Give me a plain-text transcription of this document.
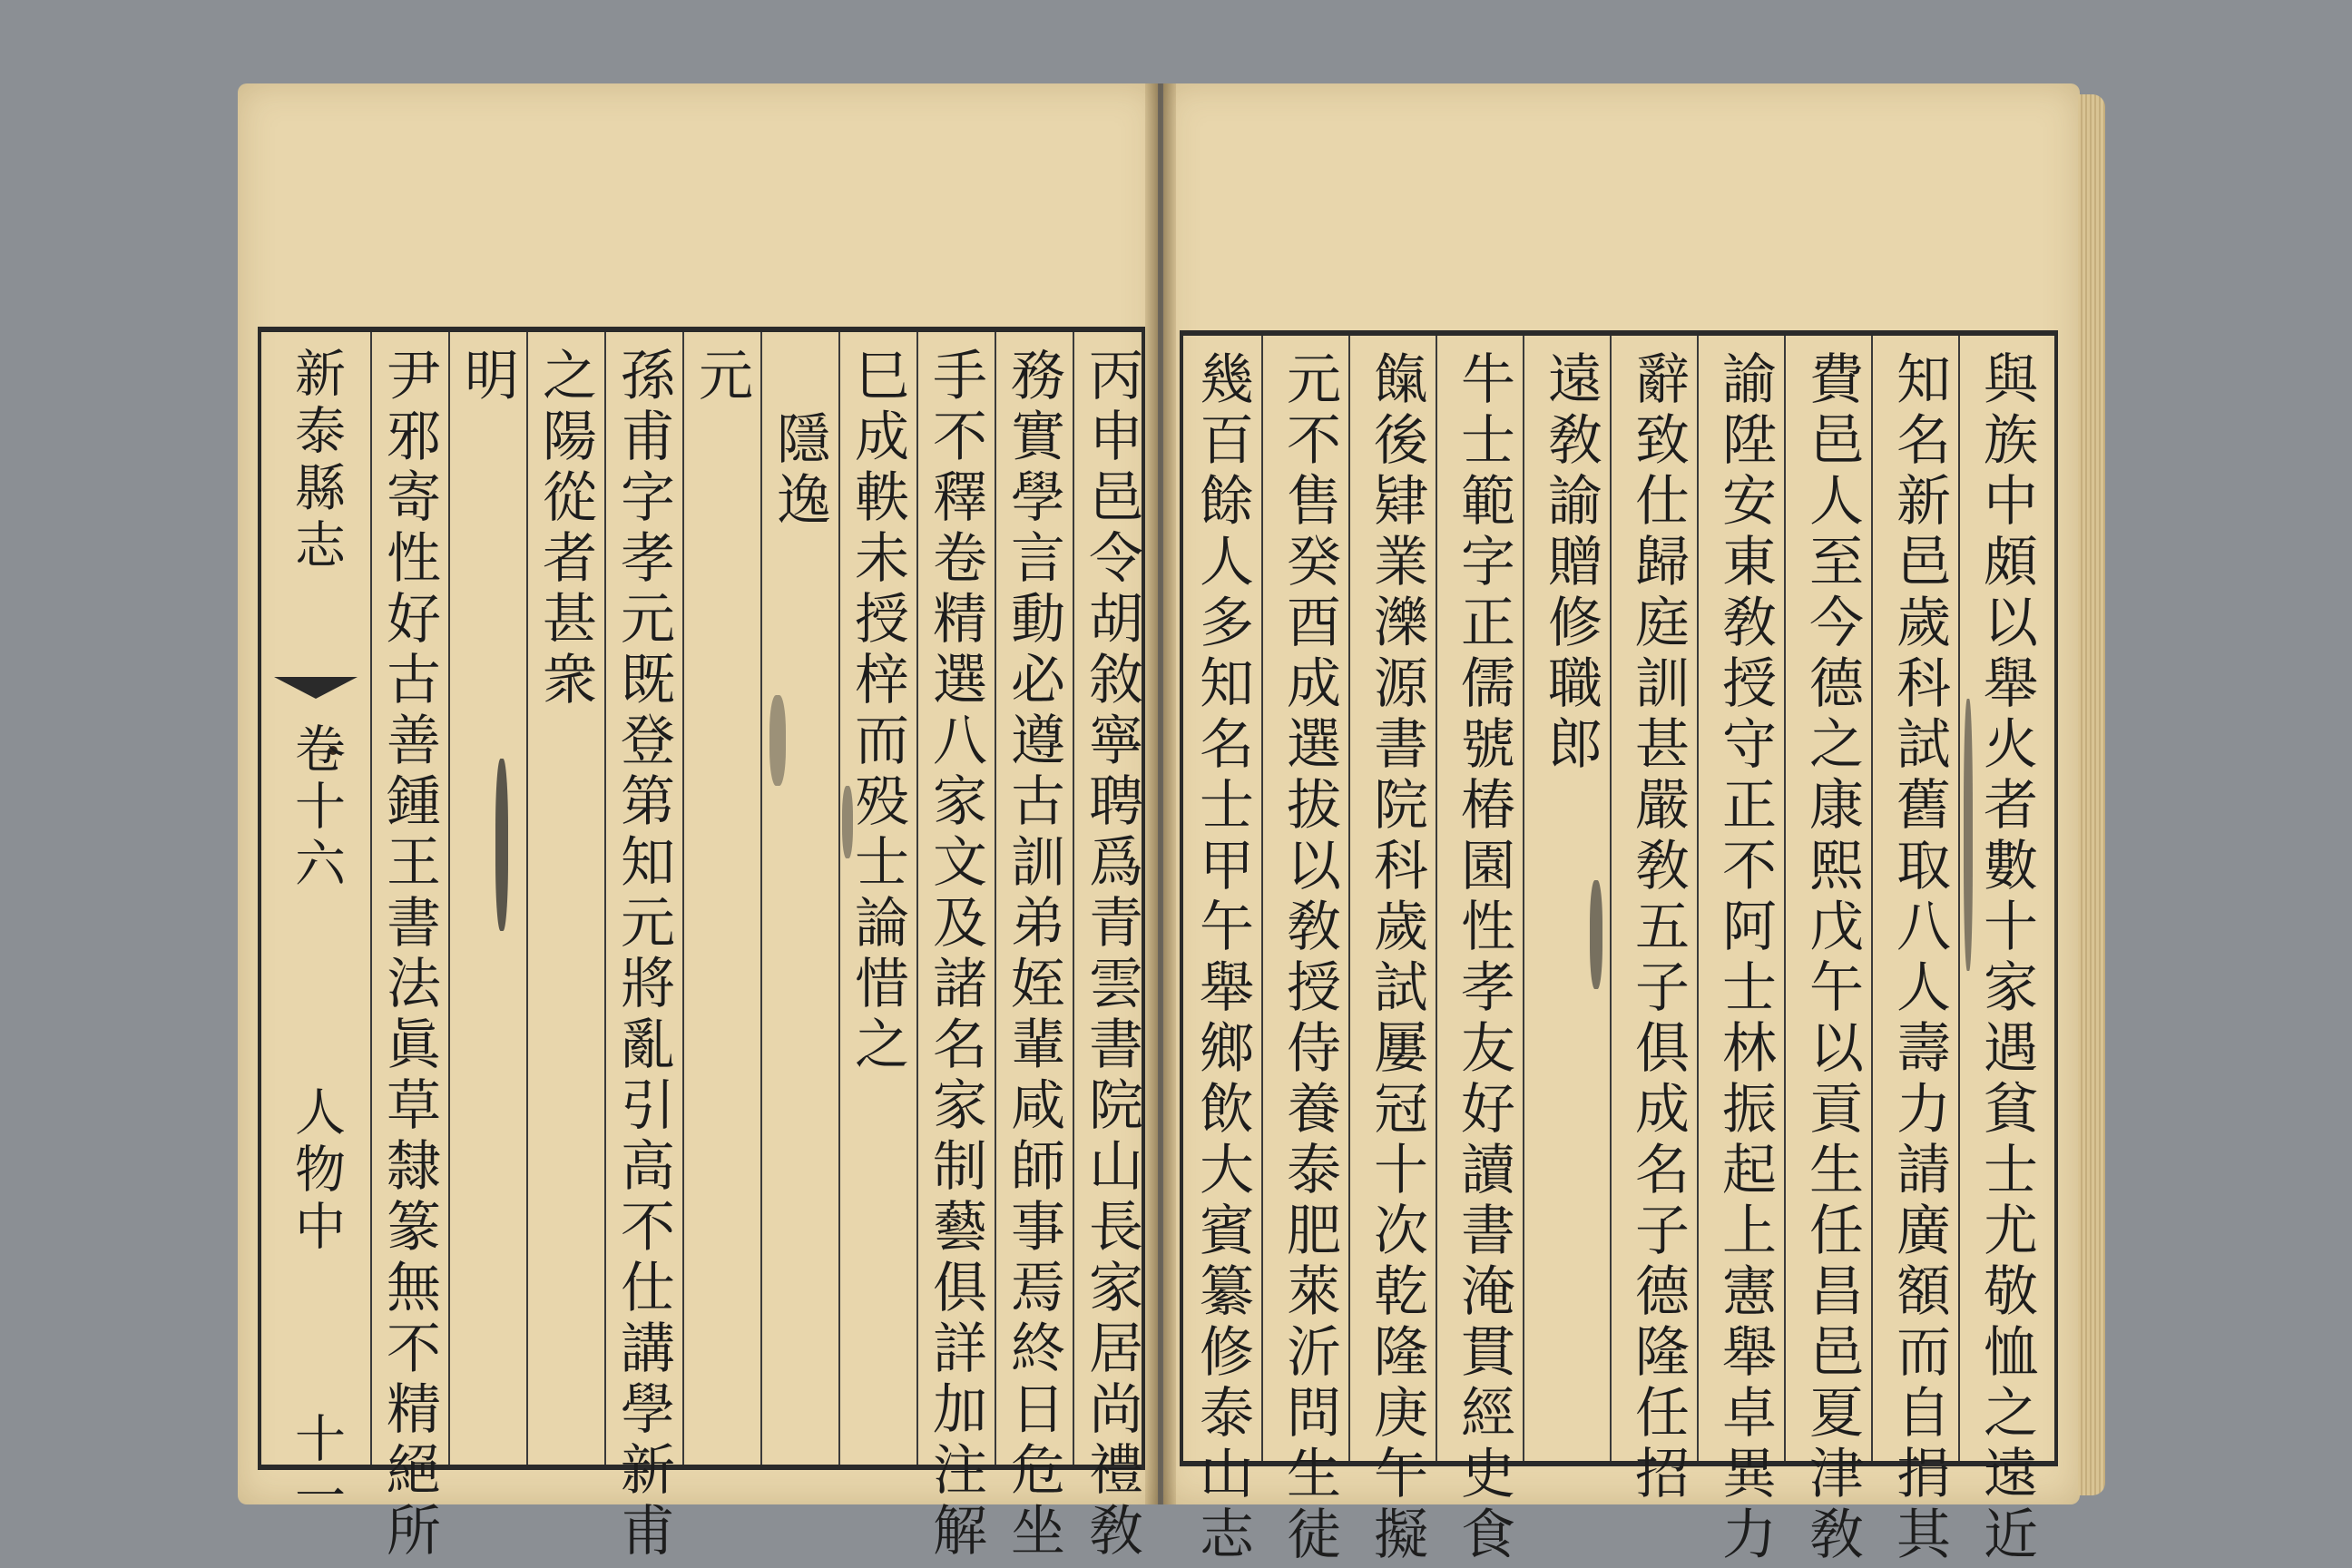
新泰縣志
卷十六
人物中
十一 尹邪寄性好古善鍾王書法眞草隸篆無不精絕所 明 之陽從者甚衆 孫甫字孝元既登第知元將亂引高不仕講學新甫 元
隱逸 巳成軼未授梓而殁士論惜之 手不釋卷精選八家文及諸名家制藝俱詳加注解 務實學言動必遵古訓弟姪輩咸師事焉終日危坐 丙申邑令胡敘寧聘爲青雲書院山長家居尚禮敎 幾百餘人多知名士甲午舉鄉飲大賓纂修泰山志 元不售癸酉成選拔以敎授侍養泰肥萊沂問生徒 餼後肄業濼源書院科歲試屢冠十次乾隆庚午擬 牛士範字正儒號椿園性孝友好讀書淹貫經史食 遠敎諭贈修職郎 辭致仕歸庭訓甚嚴敎五子俱成名子德隆任招 諭陞安東敎授守正不阿士林振起上憲舉卓異力 費邑人至今德之康熙戊午以貢生任昌邑夏津敎 知名新邑歲科試舊取八人壽力請廣額而自捐其 與族中頗以舉火者數十家遇貧士尤敬恤之遠近
